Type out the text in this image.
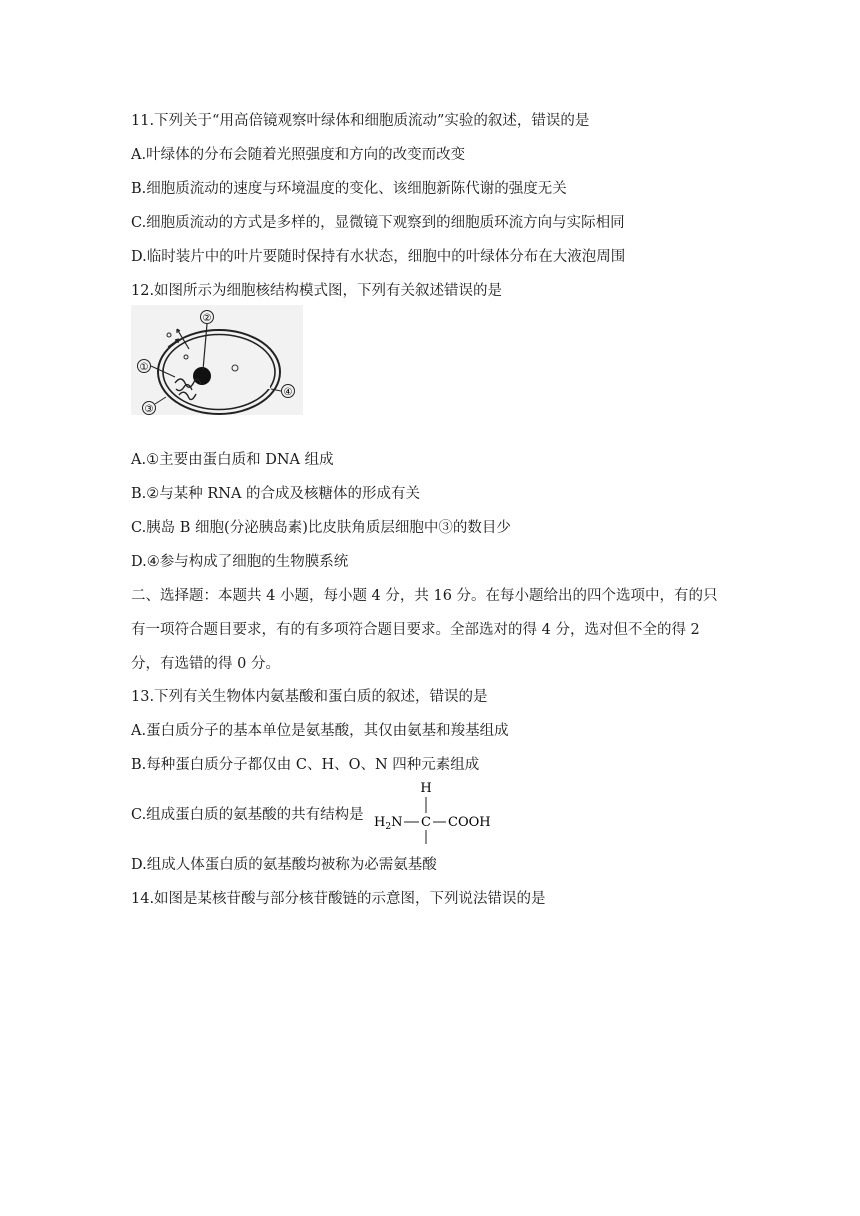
11.下列关于“用高倍镜观察叶绿体和细胞质流动”实验的叙述，错误的是
A.叶绿体的分布会随着光照强度和方向的改变而改变
B.细胞质流动的速度与环境温度的变化、该细胞新陈代谢的强度无关
C.细胞质流动的方式是多样的，显微镜下观察到的细胞质环流方向与实际相同
D.临时装片中的叶片要随时保持有水状态，细胞中的叶绿体分布在大液泡周围
12.如图所示为细胞核结构模式图，下列有关叙述错误的是
②
①
③
④
A.①主要由蛋白质和 DNA 组成
B.②与某种 RNA 的合成及核糖体的形成有关
C.胰岛 B 细胞(分泌胰岛素)比皮肤角质层细胞中③的数目少
D.④参与构成了细胞的生物膜系统
二、选择题：本题共 4 小题，每小题 4 分，共 16 分。在每小题给出的四个选项中，有的只
有一项符合题目要求，有的有多项符合题目要求。全部选对的得 4 分，选对但不全的得 2
分，有选错的得 0 分。
13.下列有关生物体内氨基酸和蛋白质的叙述，错误的是
A.蛋白质分子的基本单位是氨基酸，其仅由氨基和羧基组成
B.每种蛋白质分子都仅由 C、H、O、N 四种元素组成
C.组成蛋白质的氨基酸的共有结构是
H
$H_2N$ C COOH
D.组成人体蛋白质的氨基酸均被称为必需氨基酸
14.如图是某核苷酸与部分核苷酸链的示意图，下列说法错误的是
